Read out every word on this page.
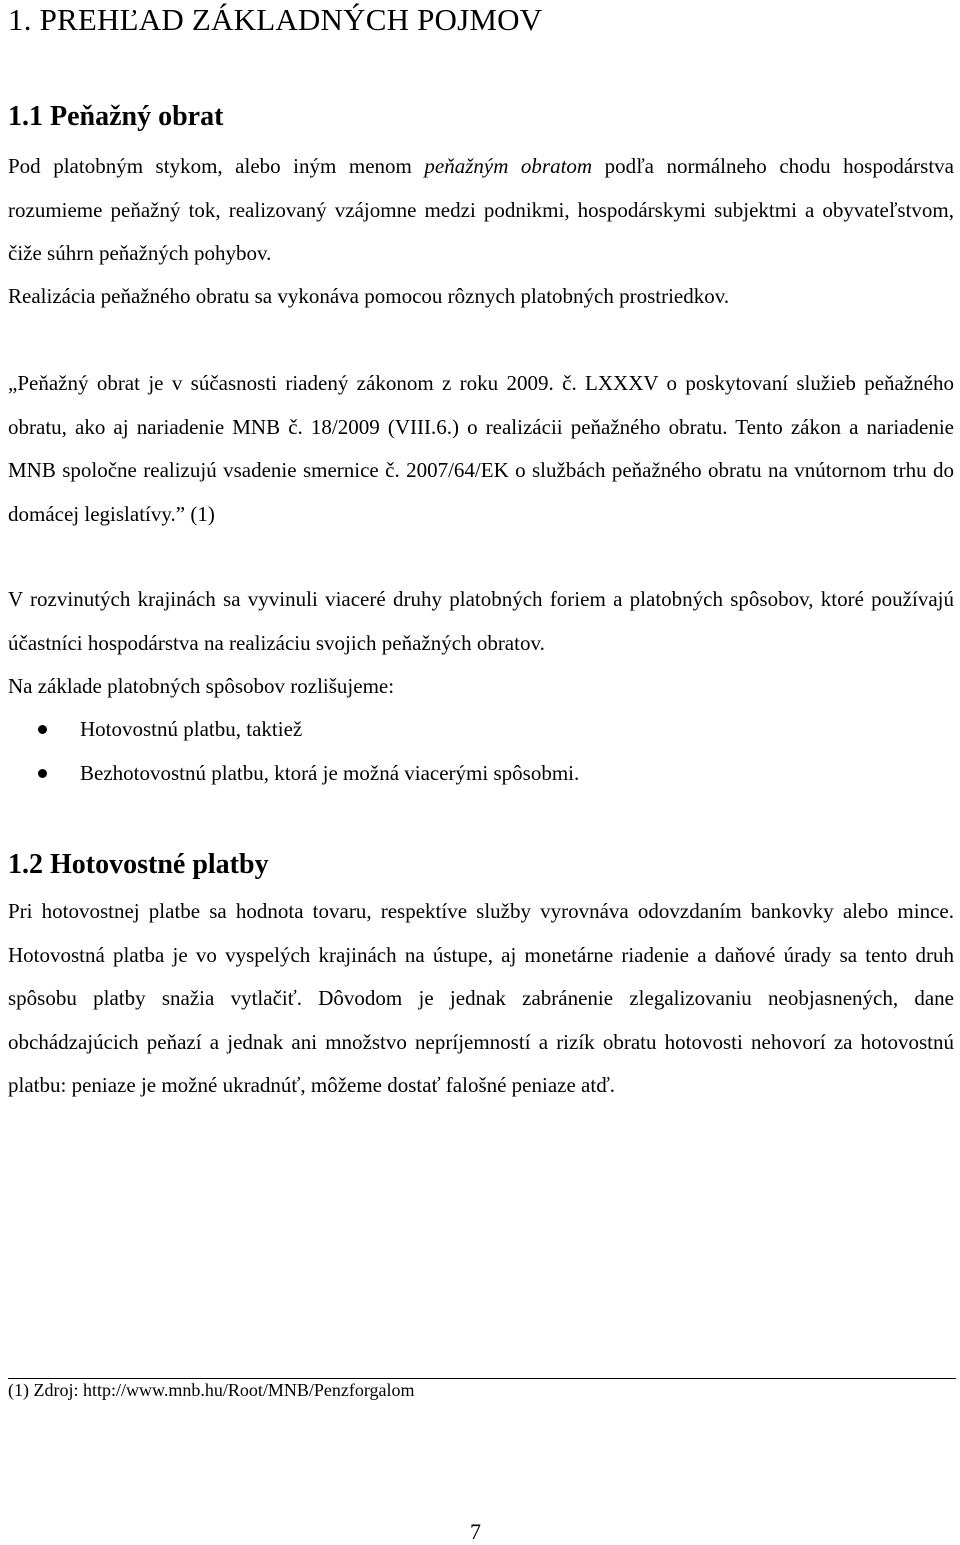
1. PREHĽAD ZÁKLADNÝCH POJMOV
1.1 Peňažný obrat

Pod platobným stykom, alebo iným menom peňažným obratom podľa normálneho chodu hospodárstva rozumieme peňažný tok, realizovaný vzájomne medzi podnikmi, hospodárskymi subjektmi a obyvateľstvom, čiže súhrn peňažných pohybov.

Realizácia peňažného obratu sa vykonáva pomocou rôznych platobných prostriedkov.

„Peňažný obrat je v súčasnosti riadený zákonom z roku 2009. č. LXXXV o poskytovaní služieb peňažného obratu, ako aj nariadenie MNB č. 18/2009 (VIII.6.) o realizácii peňažného obratu. Tento zákon a nariadenie MNB spoločne realizujú vsadenie smernice č. 2007/64/EK o službách peňažného obratu na vnútornom trhu do domácej legislatívy.” (1)

V rozvinutých krajinách sa vyvinuli viaceré druhy platobných foriem a platobných spôsobov, ktoré používajú účastníci hospodárstva na realizáciu svojich peňažných obratov.

Na základe platobných spôsobov rozlišujeme:

Hotovostnú platbu, taktiež
Bezhotovostnú platbu, ktorá je možná viacerými spôsobmi.
1.2 Hotovostné platby

Pri hotovostnej platbe sa hodnota tovaru, respektíve služby vyrovnáva odovzdaním bankovky alebo mince. Hotovostná platba je vo vyspelých krajinách na ústupe, aj monetárne riadenie a daňové úrady sa tento druh spôsobu platby snažia vytlačiť. Dôvodom je jednak zabránenie zlegalizovaniu neobjasnených, dane obchádzajúcich peňazí a jednak ani množstvo nepríjemností a rizík obratu hotovosti nehovorí za hotovostnú platbu: peniaze je možné ukradnúť, môžeme dostať falošné peniaze atď.

(1) Zdroj: http://www.mnb.hu/Root/MNB/Penzforgalom
7
